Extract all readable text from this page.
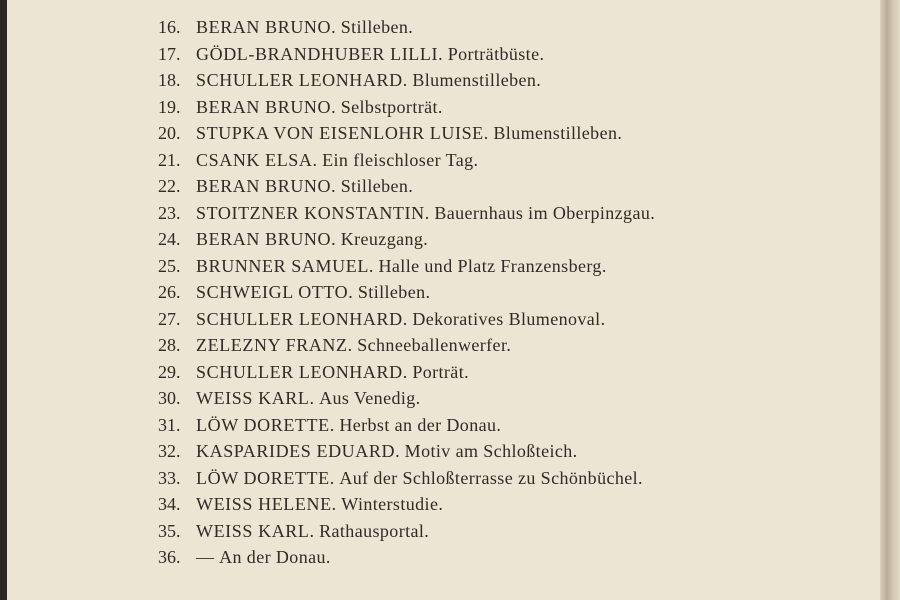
16. BERAN BRUNO. Stilleben.
17. GÖDL-BRANDHUBER LILLI. Porträtbüste.
18. SCHULLER LEONHARD. Blumenstilleben.
19. BERAN BRUNO. Selbstporträt.
20. STUPKA VON EISENLOHR LUISE. Blumenstilleben.
21. CSANK ELSA. Ein fleischloser Tag.
22. BERAN BRUNO. Stilleben.
23. STOITZNER KONSTANTIN. Bauernhaus im Oberpinzgau.
24. BERAN BRUNO. Kreuzgang.
25. BRUNNER SAMUEL. Halle und Platz Franzensberg.
26. SCHWEIGL OTTO. Stilleben.
27. SCHULLER LEONHARD. Dekoratives Blumenoval.
28. ZELEZNY FRANZ. Schneeballenwerfer.
29. SCHULLER LEONHARD. Porträt.
30. WEISS KARL. Aus Venedig.
31. LÖW DORETTE. Herbst an der Donau.
32. KASPARIDES EDUARD. Motiv am Schloßteich.
33. LÖW DORETTE. Auf der Schloßterrasse zu Schönbüchel.
34. WEISS HELENE. Winterstudie.
35. WEISS KARL. Rathausportal.
36. — An der Donau.
